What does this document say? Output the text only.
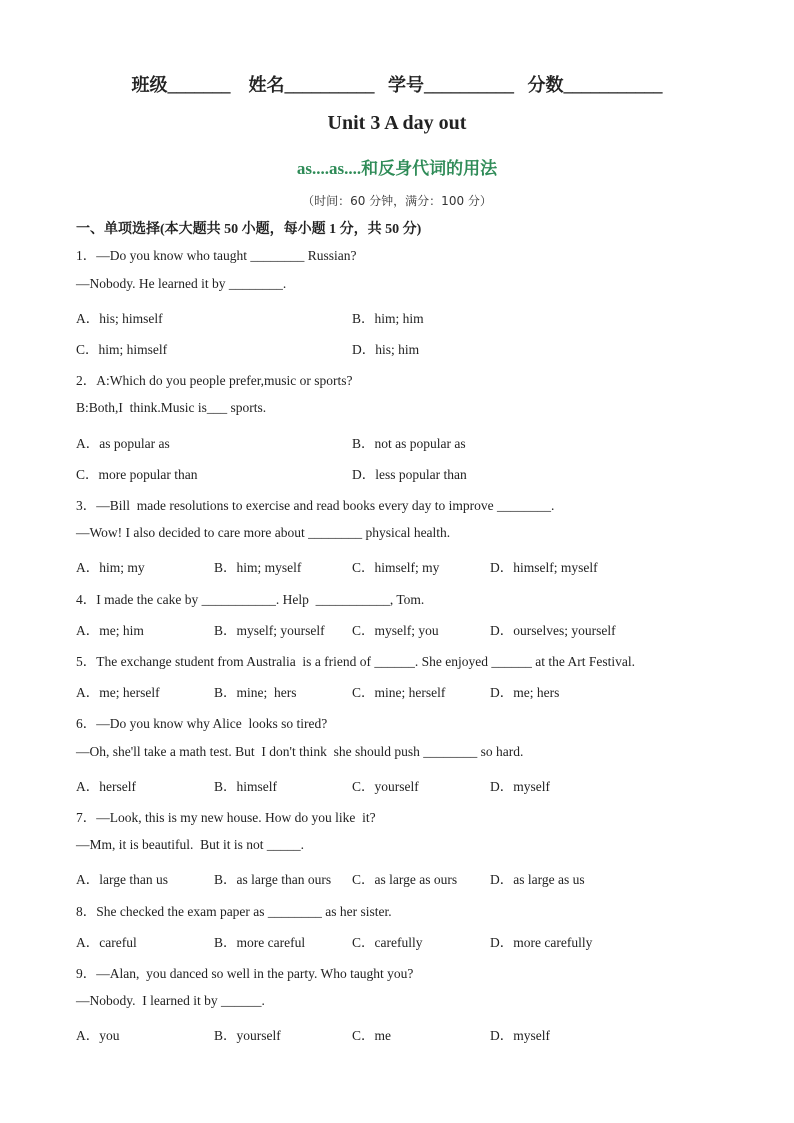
班级_______    姓名__________   学号__________   分数___________
Unit 3 A day out
as....as....和反身代词的用法
（时间：60 分钟，满分：100 分）
一、单项选择(本大题共 50 小题，每小题 1 分，共 50 分)
1．—Do you know who taught ________ Russian?
—Nobody. He learned it by ________.
A．his; himself	B．him; him
C．him; himself	D．his; him
2．A:Which do you people prefer,music or sports?
B:Both,I  think.Music is___ sports.
A．as popular as	B．not as popular as
C．more popular than	D．less popular than
3．—Bill  made resolutions to exercise and read books every day to improve ________.
—Wow! I also decided to care more about ________ physical health.
A．him; my	B．him; myself	C．himself; my	D．himself; myself
4．I made the cake by ___________. Help  ___________, Tom.
A．me; him	B．myself; yourself C．myself; you	D．ourselves; yourself
5．The exchange student from Australia  is a friend of ______. She enjoyed ______ at the Art Festival.
A．me; herself	B．mine;  hers	C．mine; herself	D．me; hers
6．—Do you know why Alice  looks so tired?
—Oh, she'll take a math test. But  I don't think  she should push ________ so hard.
A．herself	B．himself	C．yourself	D．myself
7．—Look, this is my new house. How do you like  it?
—Mm, it is beautiful.  But it is not _____.
A．large than us	B．as large than ours C．as large as ours D．as large as us
8．She checked the exam paper as ________ as her sister.
A．careful	B．more careful	C．carefully	D．more carefully
9．—Alan,  you danced so well in the party. Who taught you?
—Nobody.  I learned it by ______.
A．you	B．yourself	C．me	D．myself
